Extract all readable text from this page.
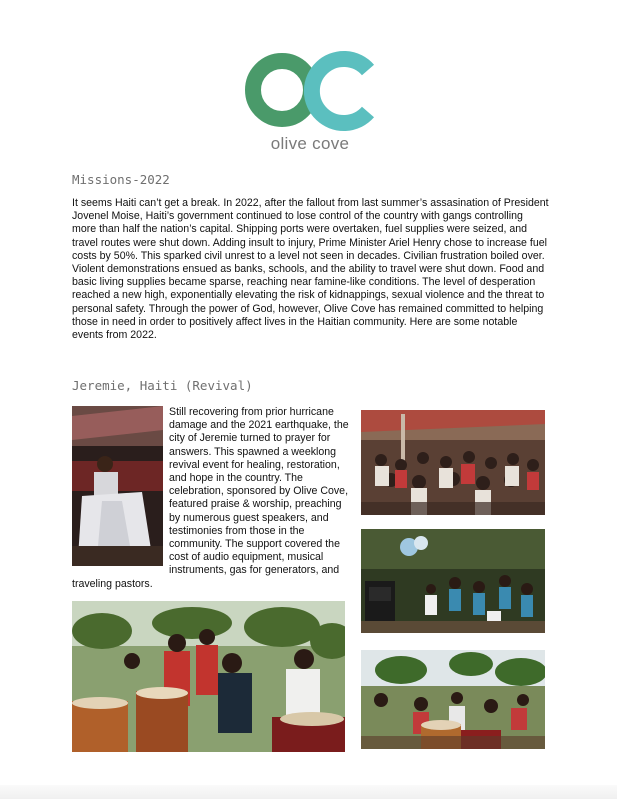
olive cove
Missions-2022

It seems Haiti can’t get a break. In 2022, after the fallout from last summer’s assasination of President Jovenel Moise, Haiti’s government continued to lose control of the country with gangs controlling more than half the nation’s capital. Shipping ports were overtaken, fuel supplies were seized, and travel routes were shut down. Adding insult to injury, Prime Minister Ariel Henry chose to increase fuel costs by 50%. This sparked civil unrest to a level not seen in decades. Civilian frustration boiled over. Violent demonstrations ensued as banks, schools, and the ability to travel were shut down. Food and basic living supplies became sparse, reaching near famine-like conditions. The level of desperation reached a new high, exponentially elevating the risk of kidnappings, sexual violence and the threat to personal safety. Through the power of God, however, Olive Cove has remained committed to helping those in need in order to positively affect lives in the Haitian community. Here are some notable events from 2022.

Jeremie, Haiti (Revival)

Still recovering from prior hurricane damage and the 2021 earthquake, the city of Jeremie turned to prayer for answers. This spawned a weeklong revival event for healing, restoration, and hope in the country. The celebration, sponsored by Olive Cove, featured praise & worship, preaching by numerous guest speakers, and testimonies from those in the community. The support covered the cost of audio equipment, musical instruments, gas for generators, and traveling pastors.
